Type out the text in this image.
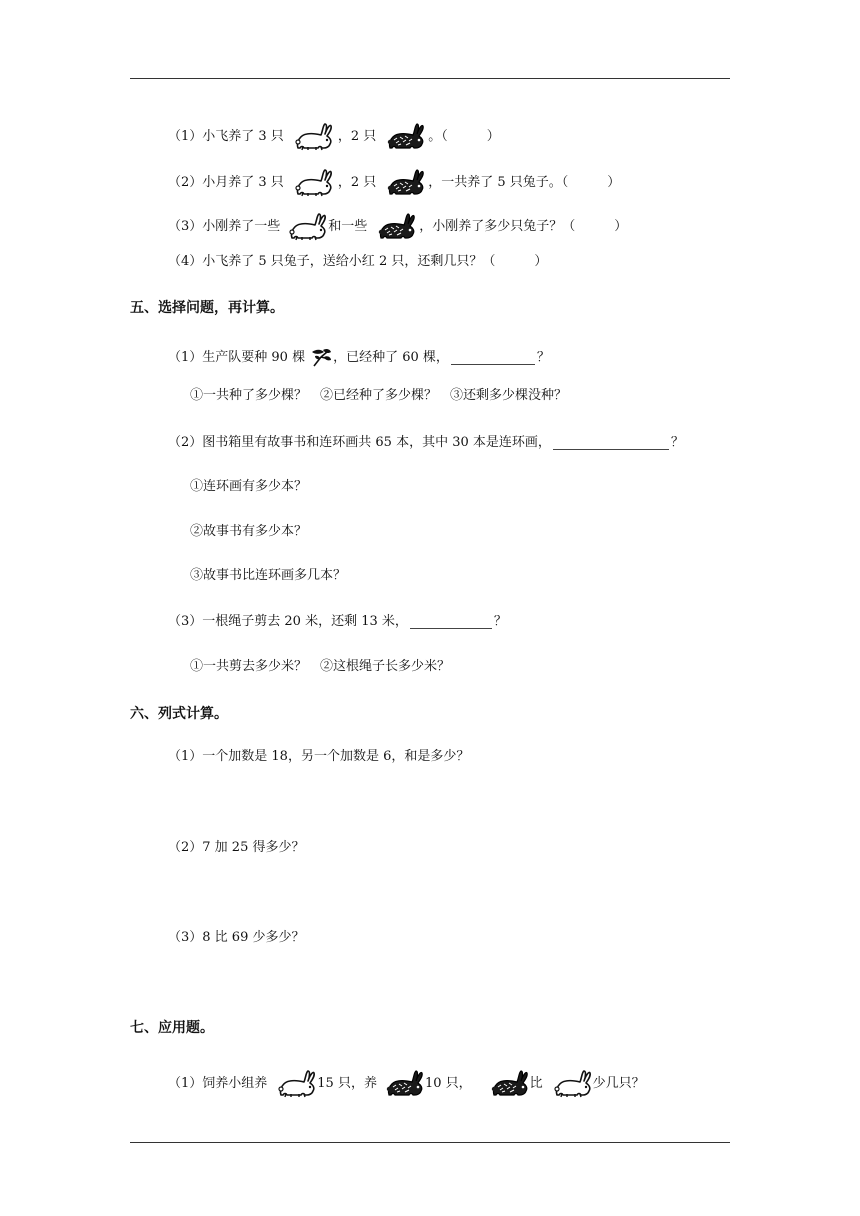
（1）小飞养了 3 只	，2 只	。（　　　）
（2）小月养了 3 只	，2 只	，一共养了 5 只兔子。（　　　）
（3）小刚养了一些	和一些	，小刚养了多少只兔子？（　　　）
（4）小飞养了 5 只兔子，送给小红 2 只，还剩几只？（　　　）
五、选择问题，再计算。
（1）生产队要种 90 棵 ，已经种了 60 棵，	？
①一共种了多少棵？　②已经种了多少棵？　③还剩多少棵没种？
（2）图书箱里有故事书和连环画共 65 本，其中 30 本是连环画，	？
①连环画有多少本？
②故事书有多少本？
③故事书比连环画多几本？
（3）一根绳子剪去 20 米，还剩 13 米，	？
①一共剪去多少米？　②这根绳子长多少米？
六、列式计算。
（1）一个加数是 18，另一个加数是 6，和是多少？
（2）7 加 25 得多少？
（3）8 比 69 少多少？
七、应用题。
（1）饲养小组养	15 只，养	10 只，	比	少几只？
